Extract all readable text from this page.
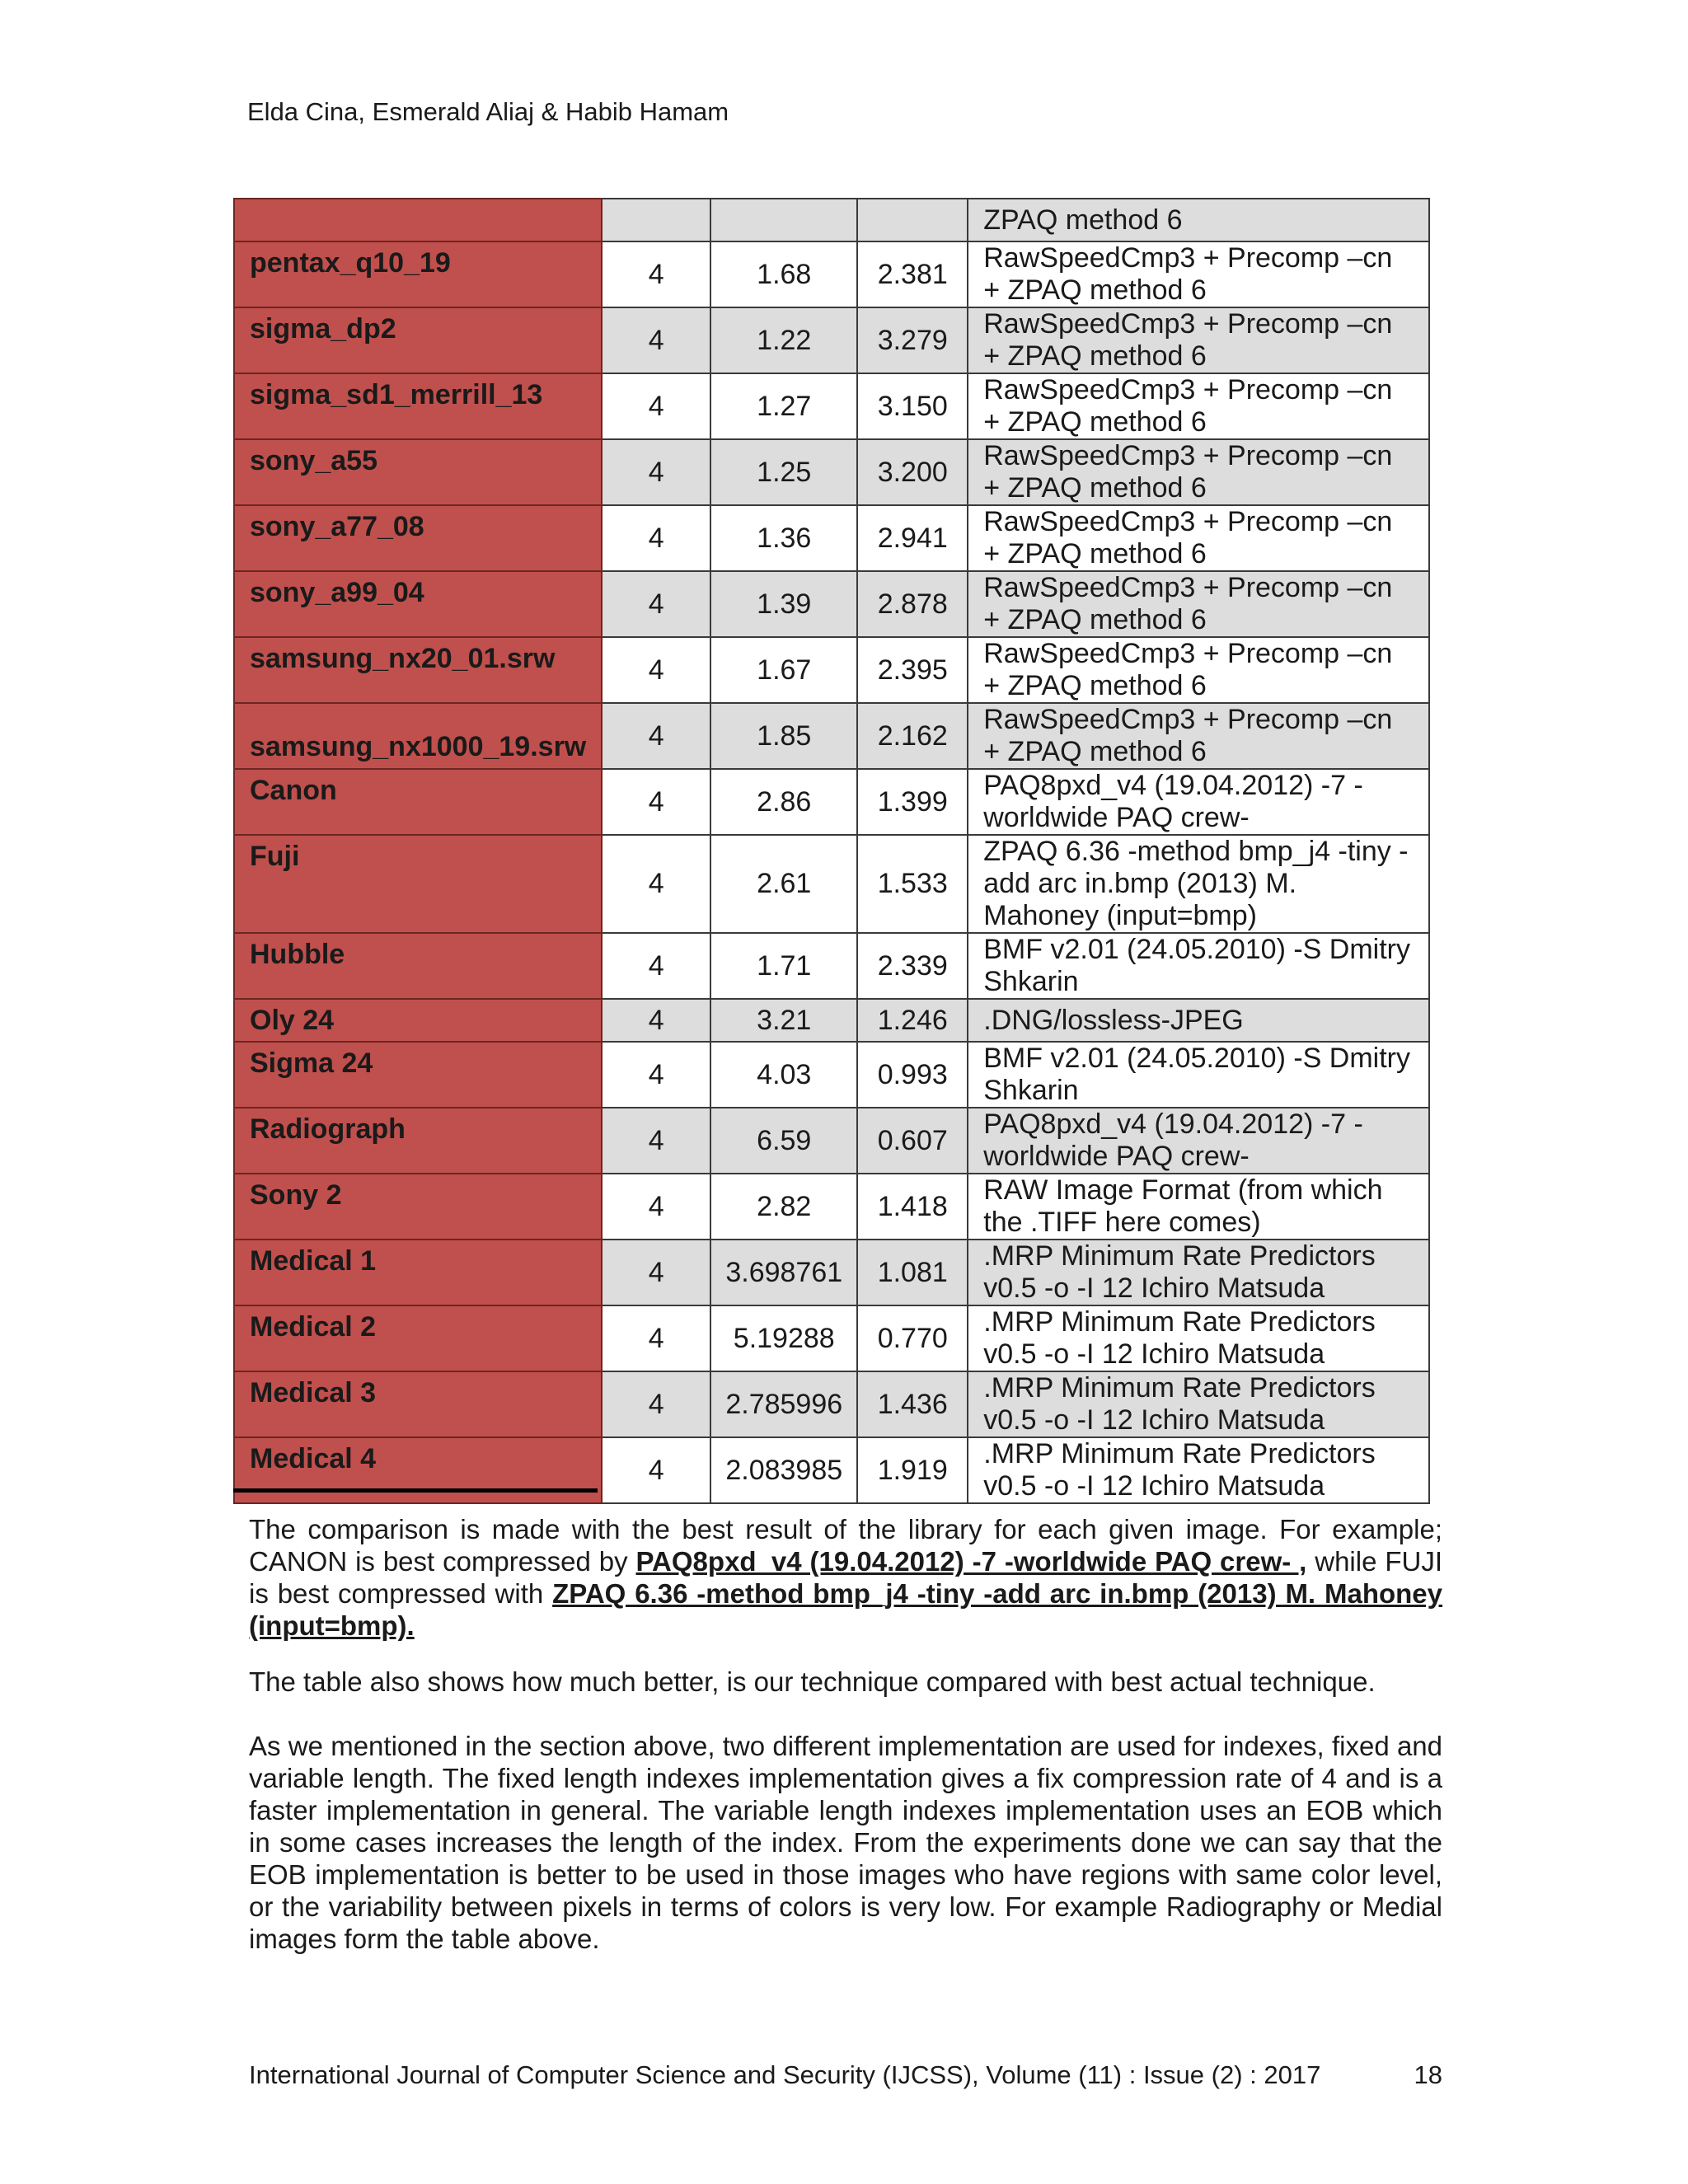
Elda Cina, Esmerald Aliaj & Habib Hamam
				ZPAQ method 6
pentax_q10_19	4	1.68	2.381	RawSpeedCmp3 + Precomp –cn + ZPAQ method 6
sigma_dp2	4	1.22	3.279	RawSpeedCmp3 + Precomp –cn + ZPAQ method 6
sigma_sd1_merrill_13	4	1.27	3.150	RawSpeedCmp3 + Precomp –cn + ZPAQ method 6
sony_a55	4	1.25	3.200	RawSpeedCmp3 + Precomp –cn + ZPAQ method 6
sony_a77_08	4	1.36	2.941	RawSpeedCmp3 + Precomp –cn + ZPAQ method 6
sony_a99_04	4	1.39	2.878	RawSpeedCmp3 + Precomp –cn + ZPAQ method 6
samsung_nx20_01.srw	4	1.67	2.395	RawSpeedCmp3 + Precomp –cn + ZPAQ method 6
samsung_nx1000_19.srw	4	1.85	2.162	RawSpeedCmp3 + Precomp –cn + ZPAQ method 6
Canon	4	2.86	1.399	PAQ8pxd_v4 (19.04.2012) -7 - worldwide PAQ crew-
Fuji	4	2.61	1.533	ZPAQ 6.36 -method bmp_j4 -tiny - add arc in.bmp (2013) M. Mahoney (input=bmp)
Hubble	4	1.71	2.339	BMF v2.01 (24.05.2010) -S Dmitry Shkarin
Oly 24	4	3.21	1.246	.DNG/lossless-JPEG
Sigma 24	4	4.03	0.993	BMF v2.01 (24.05.2010) -S Dmitry Shkarin
Radiograph	4	6.59	0.607	PAQ8pxd_v4 (19.04.2012) -7 - worldwide PAQ crew-
Sony 2	4	2.82	1.418	RAW Image Format (from which the .TIFF here comes)
Medical 1	4	3.698761	1.081	.MRP Minimum Rate Predictors v0.5 -o -I 12 Ichiro Matsuda
Medical 2	4	5.19288	0.770	.MRP Minimum Rate Predictors v0.5 -o -I 12 Ichiro Matsuda
Medical 3	4	2.785996	1.436	.MRP Minimum Rate Predictors v0.5 -o -I 12 Ichiro Matsuda
Medical 4	4	2.083985	1.919	.MRP Minimum Rate Predictors v0.5 -o -I 12 Ichiro Matsuda

The comparison is made with the best result of the library for each given image. For example; CANON is best compressed by PAQ8pxd_v4 (19.04.2012) -7 -worldwide PAQ crew- , while FUJI is best compressed with ZPAQ 6.36 -method bmp_j4 -tiny -add arc in.bmp (2013) M. Mahoney (input=bmp).

The table also shows how much better, is our technique compared with best actual technique.

As we mentioned in the section above, two different implementation are used for indexes, fixed and variable length. The fixed length indexes implementation gives a fix compression rate of 4 and is a faster implementation in general. The variable length indexes implementation uses an EOB which in some cases increases the length of the index. From the experiments done we can say that the EOB implementation is better to be used in those images who have regions with same color level, or the variability between pixels in terms of colors is very low. For example Radiography or Medial images form the table above.

International Journal of Computer Science and Security (IJCSS), Volume (11) : Issue (2) : 2017	18
